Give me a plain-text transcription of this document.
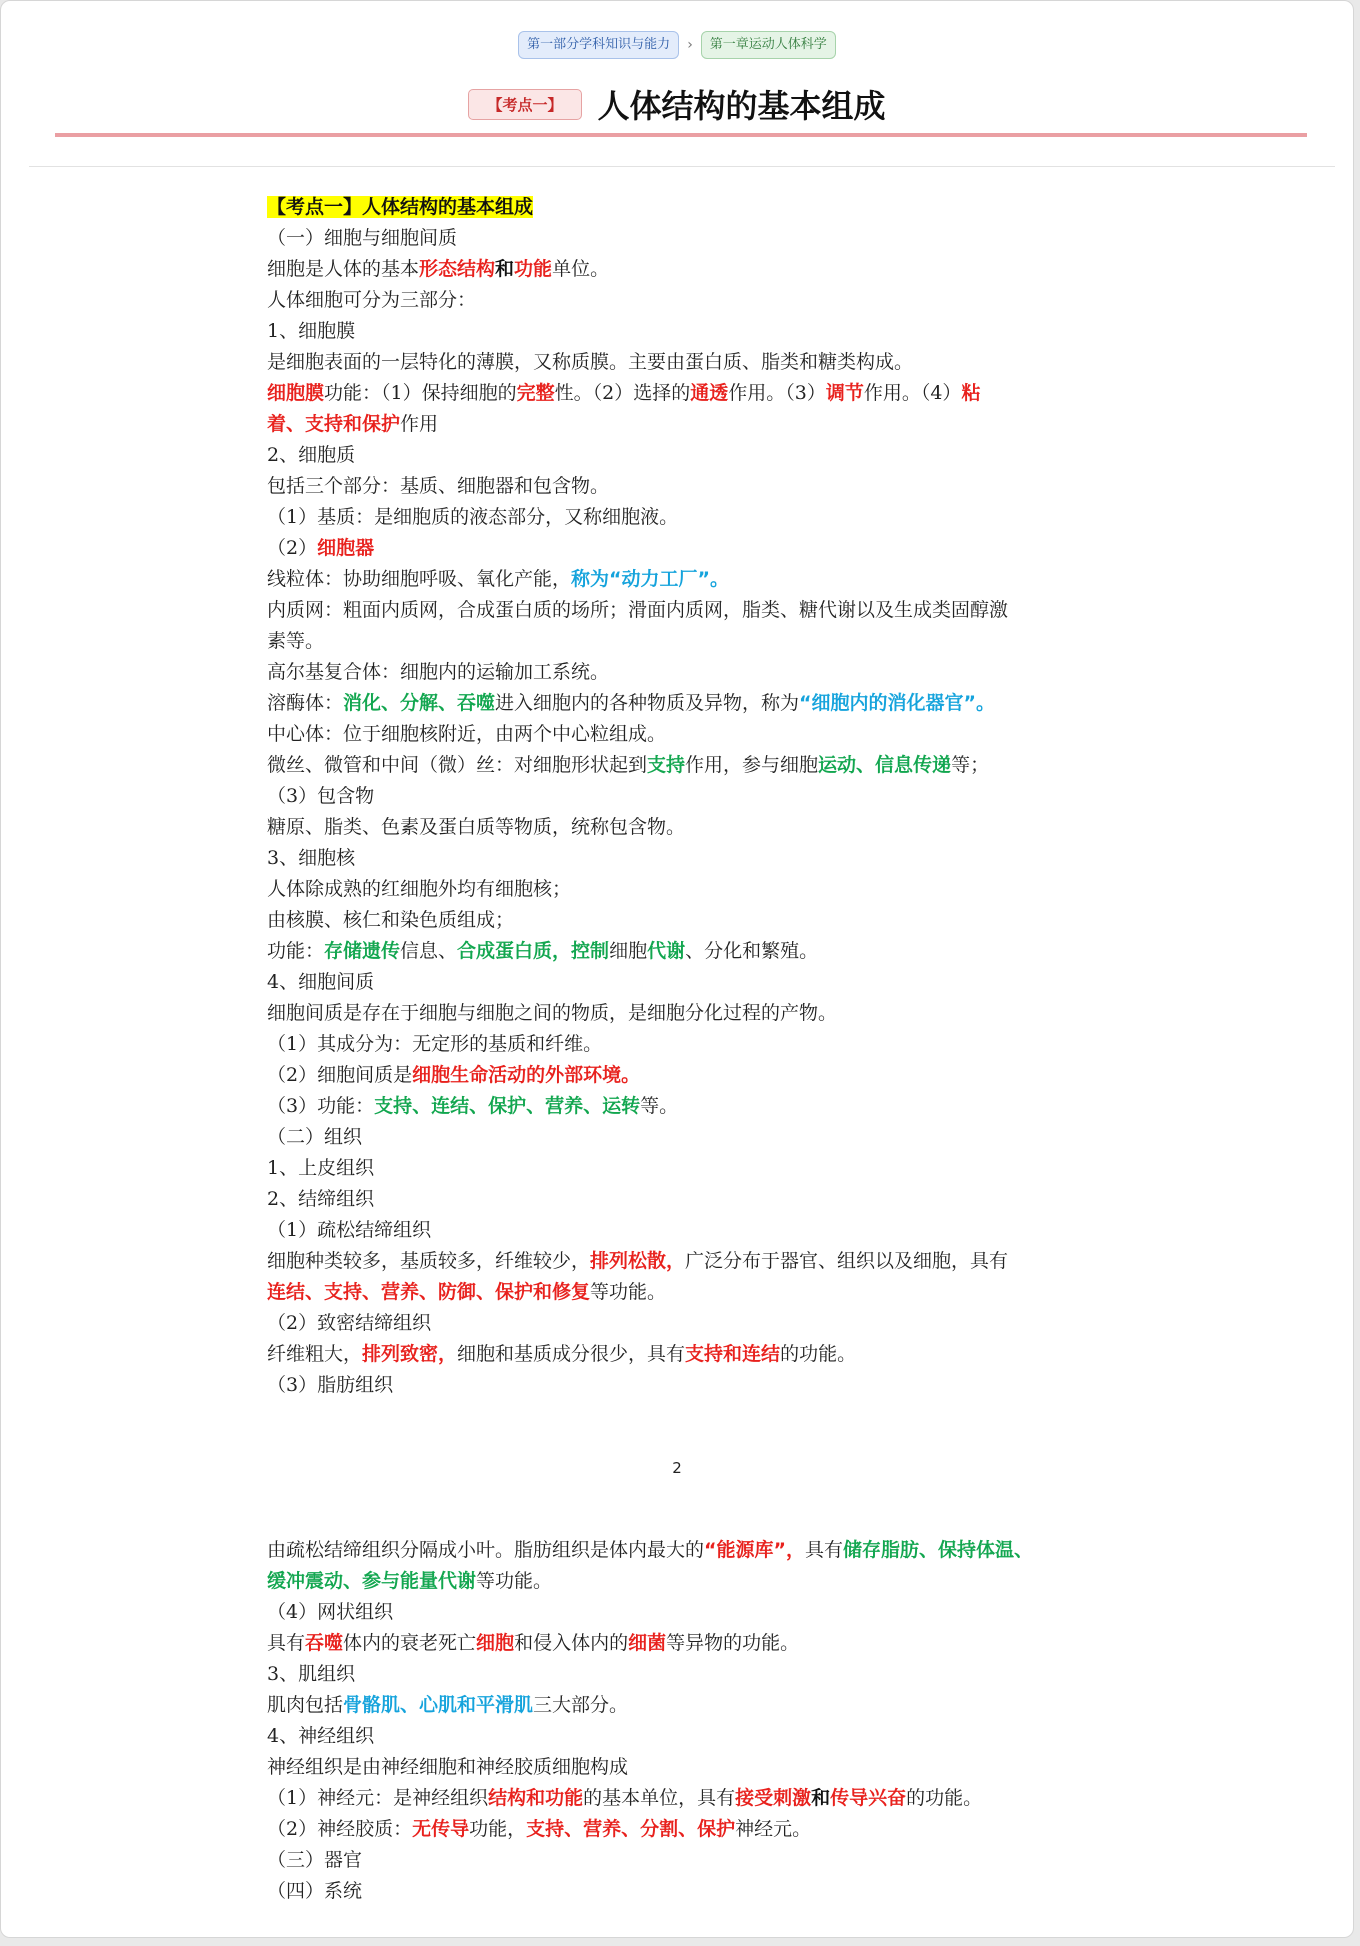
第一部分学科知识与能力 › 第一章运动人体科学
【考点一】 人体结构的基本组成

【考点一】人体结构的基本组成

（一）细胞与细胞间质

细胞是人体的基本形态结构和功能单位。

人体细胞可分为三部分：

1、细胞膜

是细胞表面的一层特化的薄膜，又称质膜。主要由蛋白质、脂类和糖类构成。

细胞膜功能：（1）保持细胞的完整性。（2）选择的通透作用。（3）调节作用。（4）粘
着、支持和保护作用

2、细胞质

包括三个部分：基质、细胞器和包含物。

（1）基质：是细胞质的液态部分，又称细胞液。

（2）细胞器

线粒体：协助细胞呼吸、氧化产能，称为“动力工厂”。

内质网：粗面内质网，合成蛋白质的场所；滑面内质网，脂类、糖代谢以及生成类固醇激
素等。

高尔基复合体：细胞内的运输加工系统。

溶酶体：消化、分解、吞噬进入细胞内的各种物质及异物，称为“细胞内的消化器官”。

中心体：位于细胞核附近，由两个中心粒组成。

微丝、微管和中间（微）丝：对细胞形状起到支持作用，参与细胞运动、信息传递等；

（3）包含物

糖原、脂类、色素及蛋白质等物质，统称包含物。

3、细胞核

人体除成熟的红细胞外均有细胞核；

由核膜、核仁和染色质组成；

功能：存储遗传信息、合成蛋白质，控制细胞代谢、分化和繁殖。

4、细胞间质

细胞间质是存在于细胞与细胞之间的物质，是细胞分化过程的产物。

（1）其成分为：无定形的基质和纤维。

（2）细胞间质是细胞生命活动的外部环境。

（3）功能：支持、连结、保护、营养、运转等。

（二）组织

1、上皮组织

2、结缔组织

（1）疏松结缔组织

细胞种类较多，基质较多，纤维较少，排列松散，广泛分布于器官、组织以及细胞，具有
连结、支持、营养、防御、保护和修复等功能。

（2）致密结缔组织

纤维粗大，排列致密，细胞和基质成分很少，具有支持和连结的功能。

（3）脂肪组织

2

由疏松结缔组织分隔成小叶。脂肪组织是体内最大的“能源库”，具有储存脂肪、保持体温、
缓冲震动、参与能量代谢等功能。

（4）网状组织

具有吞噬体内的衰老死亡细胞和侵入体内的细菌等异物的功能。

3、肌组织

肌肉包括骨骼肌、心肌和平滑肌三大部分。

4、神经组织

神经组织是由神经细胞和神经胶质细胞构成

（1）神经元：是神经组织结构和功能的基本单位，具有接受刺激和传导兴奋的功能。

（2）神经胶质：无传导功能，支持、营养、分割、保护神经元。

（三）器官

（四）系统
